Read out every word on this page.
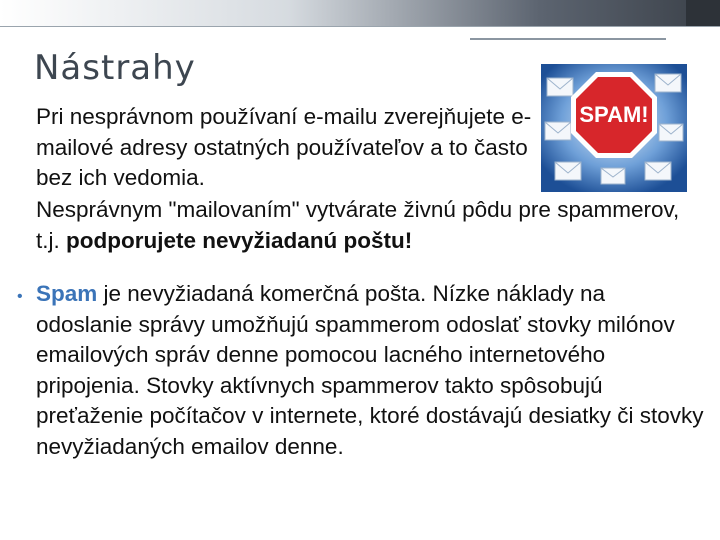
Nástrahy
Pri nesprávnom používaní e-mailu zverejňujete e-mailové adresy ostatných používateľov a to často bez ich vedomia.
Nesprávnym "mailovaním" vytvárate živnú pôdu pre spammerov, t.j. podporujete nevyžiadanú poštu!
• Spam je nevyžiadaná komerčná pošta. Nízke náklady na odoslanie správy umožňujú spammerom odoslať stovky milónov emailových správ denne pomocou lacného internetového pripojenia. Stovky aktívnych spammerov takto spôsobujú preťaženie počítačov v internete, ktoré dostávajú desiatky či stovky nevyžiadaných emailov denne.
SPAM!
